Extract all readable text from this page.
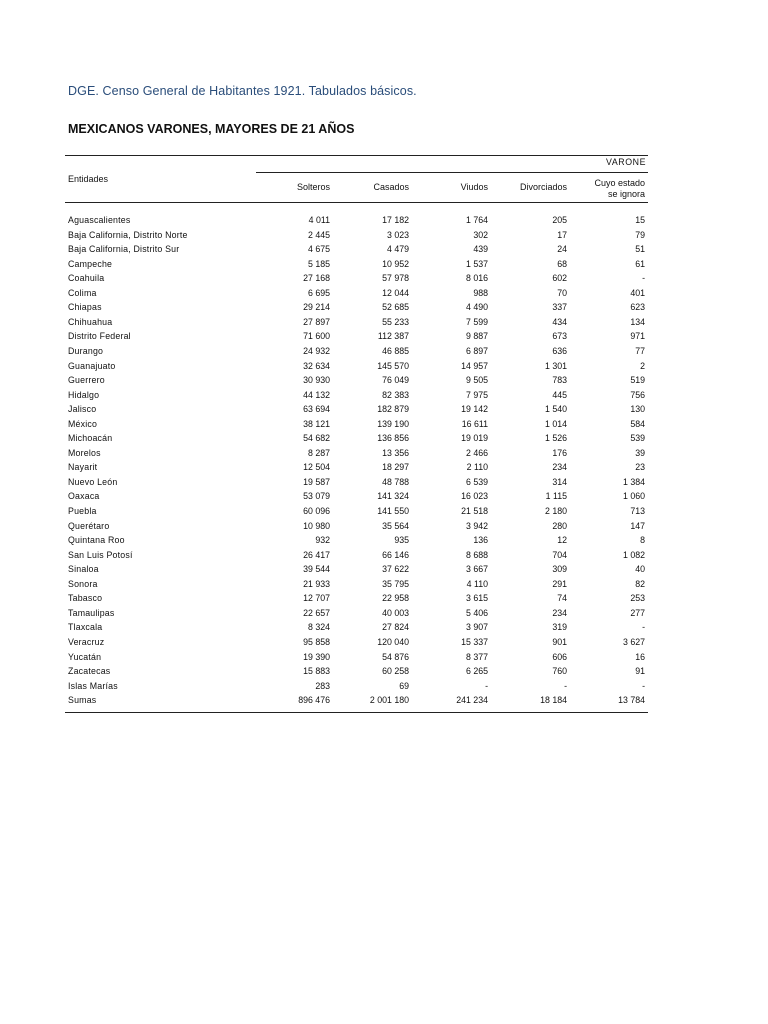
DGE. Censo General de Habitantes 1921. Tabulados básicos.
MEXICANOS VARONES, MAYORES DE 21 AÑOS
VARONE
Entidades
Solteros	Casados	Viudos	Divorciados	Cuyo estado
se ignora
Aguascalientes	4 011	17 182	1 764	205	15
Baja California, Distrito Norte	2 445	3 023	302	17	79
Baja California, Distrito Sur	4 675	4 479	439	24	51
Campeche	5 185	10 952	1 537	68	61
Coahuila	27 168	57 978	8 016	602	-
Colima	6 695	12 044	988	70	401
Chiapas	29 214	52 685	4 490	337	623
Chihuahua	27 897	55 233	7 599	434	134
Distrito Federal	71 600	112 387	9 887	673	971
Durango	24 932	46 885	6 897	636	77
Guanajuato	32 634	145 570	14 957	1 301	2
Guerrero	30 930	76 049	9 505	783	519
Hidalgo	44 132	82 383	7 975	445	756
Jalisco	63 694	182 879	19 142	1 540	130
México	38 121	139 190	16 611	1 014	584
Michoacán	54 682	136 856	19 019	1 526	539
Morelos	8 287	13 356	2 466	176	39
Nayarit	12 504	18 297	2 110	234	23
Nuevo León	19 587	48 788	6 539	314	1 384
Oaxaca	53 079	141 324	16 023	1 115	1 060
Puebla	60 096	141 550	21 518	2 180	713
Querétaro	10 980	35 564	3 942	280	147
Quintana Roo	932	935	136	12	8
San Luis Potosí	26 417	66 146	8 688	704	1 082
Sinaloa	39 544	37 622	3 667	309	40
Sonora	21 933	35 795	4 110	291	82
Tabasco	12 707	22 958	3 615	74	253
Tamaulipas	22 657	40 003	5 406	234	277
Tlaxcala	8 324	27 824	3 907	319	-
Veracruz	95 858	120 040	15 337	901	3 627
Yucatán	19 390	54 876	8 377	606	16
Zacatecas	15 883	60 258	6 265	760	91
Islas Marías	283	69	-	-	-
Sumas	896 476	2 001 180	241 234	18 184	13 784
